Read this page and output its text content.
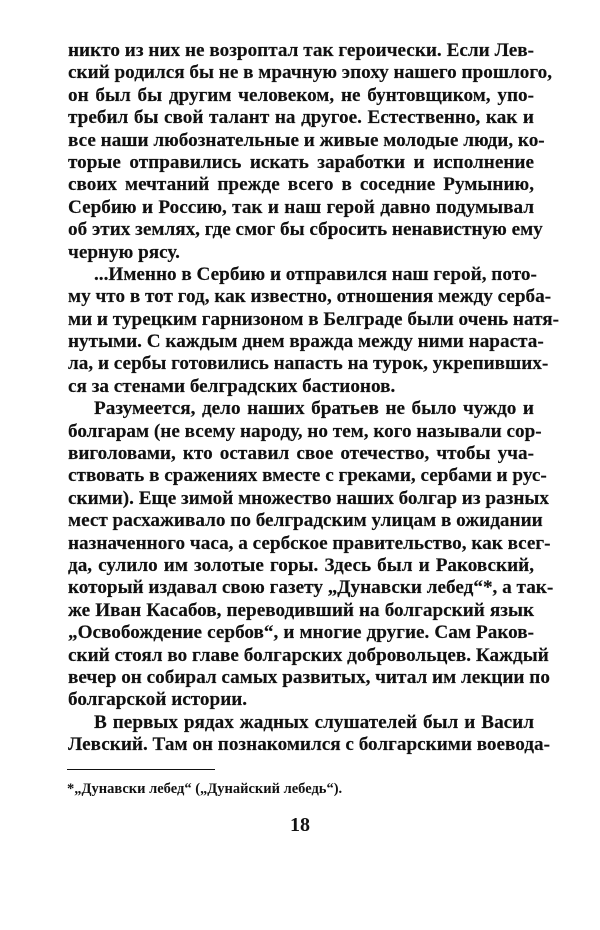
никто из них не возроптал так героически. Если Лев-
ский родился бы не в мрачную эпоху нашего прошлого,
он был бы другим человеком, не бунтовщиком, упо-
требил бы свой талант на другое. Естественно, как и
все наши любознательные и живые молодые люди, ко-
торые отправились искать заработки и исполнение
своих мечтаний прежде всего в соседние Румынию,
Сербию и Россию, так и наш герой давно подумывал
об этих землях, где смог бы сбросить ненавистную ему
черную рясу.
...Именно в Сербию и отправился наш герой, пото-
му что в тот год, как известно, отношения между серба-
ми и турецким гарнизоном в Белграде были очень натя-
нутыми. С каждым днем вражда между ними нараста-
ла, и сербы готовились напасть на турок, укрепивших-
ся за стенами белградских бастионов.
Разумеется, дело наших братьев не было чуждо и
болгарам (не всему народу, но тем, кого называли сор-
виголовами, кто оставил свое отечество, чтобы уча-
ствовать в сражениях вместе с греками, сербами и рус-
скими). Еще зимой множество наших болгар из разных
мест расхаживало по белградским улицам в ожидании
назначенного часа, а сербское правительство, как всег-
да, сулило им золотые горы. Здесь был и Раковский,
который издавал свою газету „Дунавски лебед“*, а так-
же Иван Касабов, переводивший на болгарский язык
„Освобождение сербов“, и многие другие. Сам Раков-
ский стоял во главе болгарских добровольцев. Каждый
вечер он собирал самых развитых, читал им лекции по
болгарской истории.
В первых рядах жадных слушателей был и Васил
Левский. Там он познакомился с болгарскими воевода-
*„Дунавски лебед“ („Дунайский лебедь“).
18
